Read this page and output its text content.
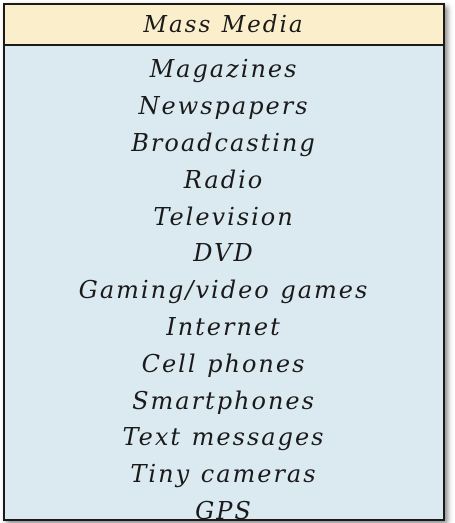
Mass Media
Magazines
Newspapers
Broadcasting
Radio
Television
DVD
Gaming/video games
Internet
Cell phones
Smartphones
Text messages
Tiny cameras
GPS
